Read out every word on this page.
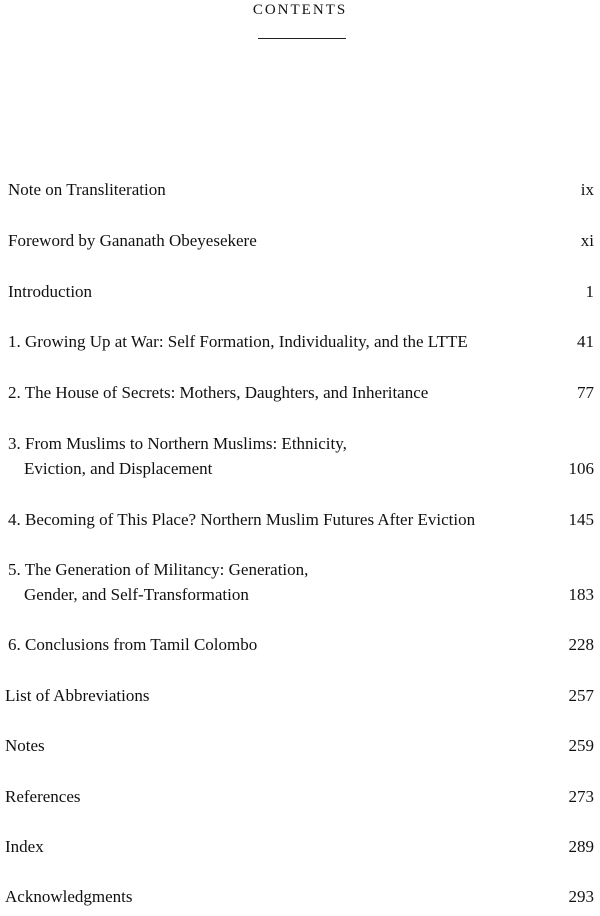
CONTENTS
Note on Transliteration	ix
Foreword by Gananath Obeyesekere	xi
Introduction	1
1. Growing Up at War: Self Formation, Individuality, and the LTTE	41
2. The House of Secrets: Mothers, Daughters, and Inheritance	77
3. From Muslims to Northern Muslims: Ethnicity,
Eviction, and Displacement	106
4. Becoming of This Place? Northern Muslim Futures After Eviction	145
5. The Generation of Militancy: Generation,
Gender, and Self-Transformation	183
6. Conclusions from Tamil Colombo	228
List of Abbreviations	257
Notes	259
References	273
Index	289
Acknowledgments	293
